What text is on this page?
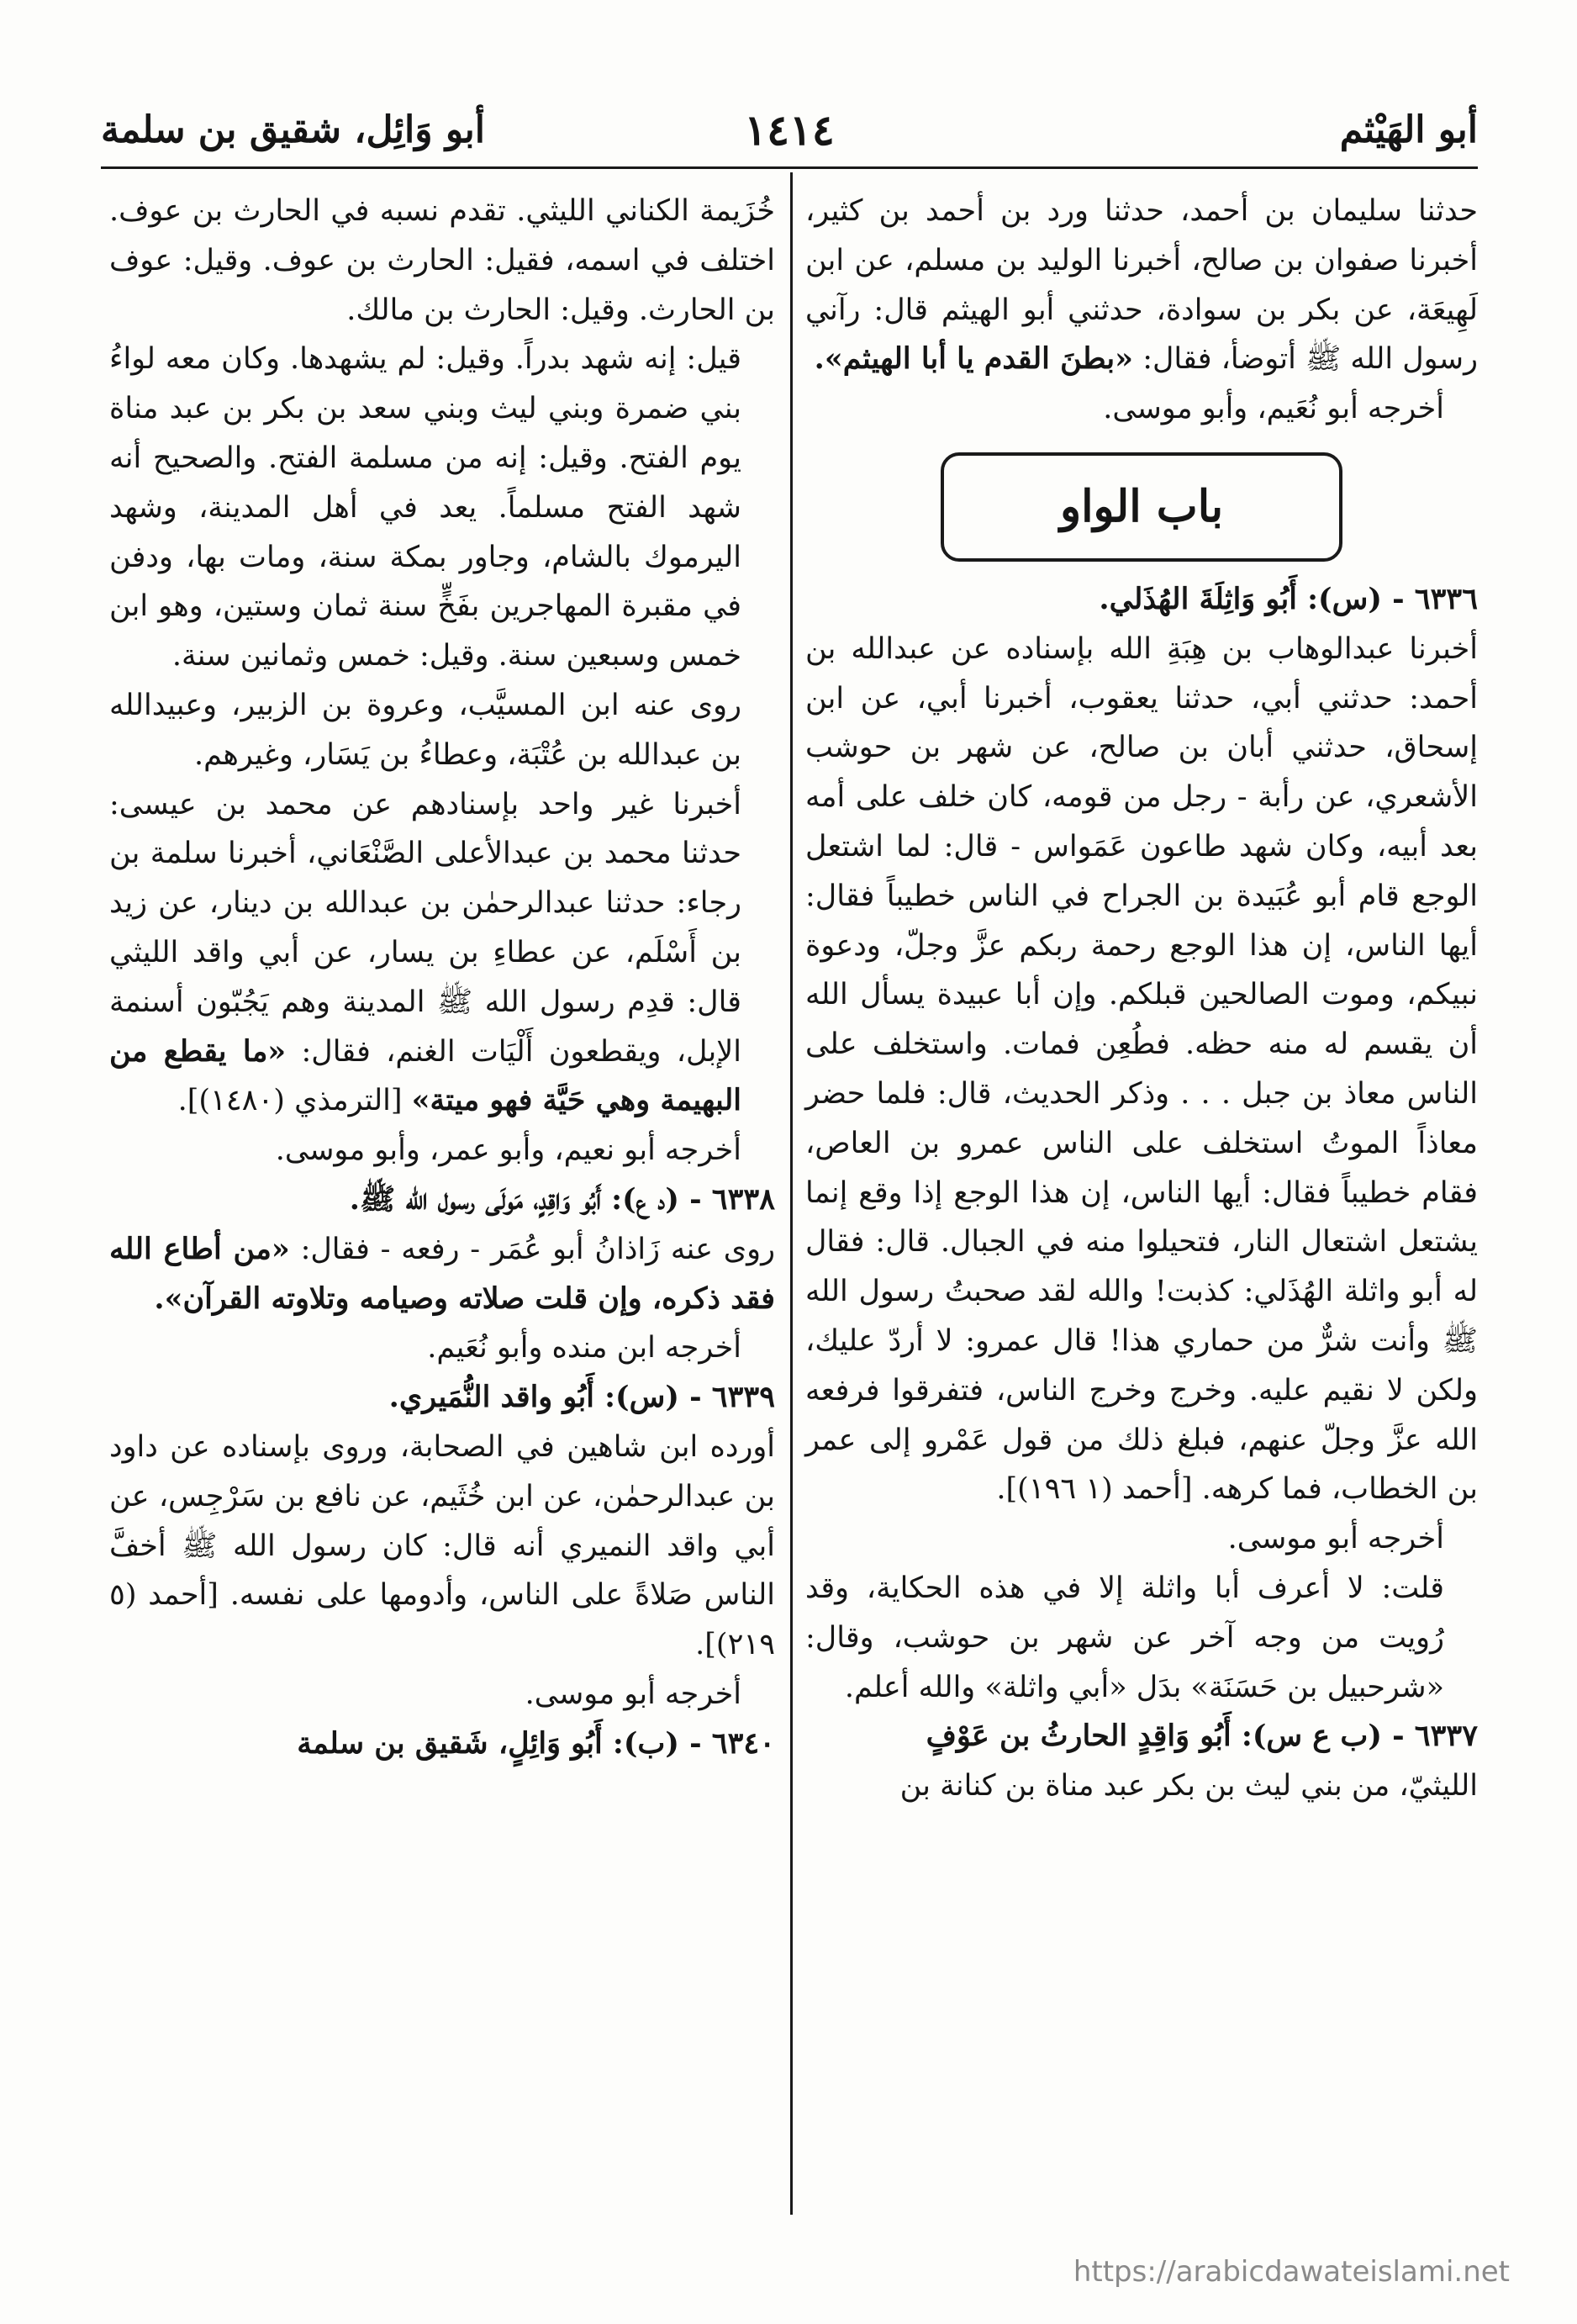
أبو الهَيْثم
١٤١٤
أبو وَائِل، شقيق بن سلمة

حدثنا سليمان بن أحمد، حدثنا ورد بن أحمد بن كثير، أخبرنا صفوان بن صالح، أخبرنا الوليد بن مسلم، عن ابن لَهِيعَة، عن بكر بن سوادة، حدثني أبو الهيثم قال: رآني رسول الله ﷺ أتوضأ، فقال: «بطنَ القدم يا أبا الهيثم».

أخرجه أبو نُعَيم، وأبو موسى.

باب الواو

٦٣٣٦ - (س): أَبُو وَاثِلَةَ الهُذَلي.

أخبرنا عبدالوهاب بن هِبَةِ الله بإسناده عن عبدالله بن أحمد: حدثني أبي، حدثنا يعقوب، أخبرنا أبي، عن ابن إسحاق، حدثني أبان بن صالح، عن شهر بن حوشب الأشعري، عن رأبة - رجل من قومه، كان خلف على أمه بعد أبيه، وكان شهد طاعون عَمَواس - قال: لما اشتعل الوجع قام أبو عُبَيدة بن الجراح في الناس خطيباً فقال: أيها الناس، إن هذا الوجع رحمة ربكم عزَّ وجلّ، ودعوة نبيكم، وموت الصالحين قبلكم. وإن أبا عبيدة يسأل الله أن يقسم له منه حظه. فطُعِن فمات. واستخلف على الناس معاذ بن جبل . . . وذكر الحديث، قال: فلما حضر معاذاً الموتُ استخلف على الناس عمرو بن العاص، فقام خطيباً فقال: أيها الناس، إن هذا الوجع إذا وقع إنما يشتعل اشتعال النار، فتحيلوا منه في الجبال. قال: فقال له أبو واثلة الهُذَلي: كذبت! والله لقد صحبتُ رسول الله ﷺ وأنت شرٌّ من حماري هذا! قال عمرو: لا أردّ عليك، ولكن لا نقيم عليه. وخرج وخرج الناس، فتفرقوا فرفعه الله عزَّ وجلّ عنهم، فبلغ ذلك من قول عَمْرو إلى عمر بن الخطاب، فما كرهه. [أحمد (١ ١٩٦)].

أخرجه أبو موسى.

قلت: لا أعرف أبا واثلة إلا في هذه الحكاية، وقد رُويت من وجه آخر عن شهر بن حوشب، وقال: «شرحبيل بن حَسَنَة» بدَل «أبي واثلة» والله أعلم.

٦٣٣٧ - (ب ع س): أَبُو وَاقِدٍ الحارثُ بن عَوْفٍ

الليثيّ، من بني ليث بن بكر عبد مناة بن كنانة بن

خُزَيمة الكناني الليثي. تقدم نسبه في الحارث بن عوف. اختلف في اسمه، فقيل: الحارث بن عوف. وقيل: عوف بن الحارث. وقيل: الحارث بن مالك.

قيل: إنه شهد بدراً. وقيل: لم يشهدها. وكان معه لواءُ بني ضمرة وبني ليث وبني سعد بن بكر بن عبد مناة يوم الفتح. وقيل: إنه من مسلمة الفتح. والصحيح أنه شهد الفتح مسلماً. يعد في أهل المدينة، وشهد اليرموك بالشام، وجاور بمكة سنة، ومات بها، ودفن في مقبرة المهاجرين بفَخٍّ سنة ثمان وستين، وهو ابن خمس وسبعين سنة. وقيل: خمس وثمانين سنة.

روى عنه ابن المسيَّب، وعروة بن الزبير، وعبيدالله بن عبدالله بن عُتْبَة، وعطاءُ بن يَسَار، وغيرهم.

أخبرنا غير واحد بإسنادهم عن محمد بن عيسى: حدثنا محمد بن عبدالأعلى الصَّنْعَاني، أخبرنا سلمة بن رجاء: حدثنا عبدالرحمٰن بن عبدالله بن دينار، عن زيد بن أَسْلَم، عن عطاءِ بن يسار، عن أبي واقد الليثي قال: قدِم رسول الله ﷺ المدينة وهم يَجُبّون أسنمة الإبل، ويقطعون أَلْيَات الغنم، فقال: «ما يقطع من البهيمة وهي حَيَّة فهو ميتة» [الترمذي (١٤٨٠)].

أخرجه أبو نعيم، وأبو عمر، وأبو موسى.

٦٣٣٨ - (د ع): أَبُو وَاقِدٍ، مَولَى رسول الله ﷺ.

روى عنه زَاذانُ أبو عُمَر - رفعه - فقال: «من أطاع الله فقد ذكره، وإن قلت صلاته وصيامه وتلاوته القرآن».

أخرجه ابن منده وأبو نُعَيم.

٦٣٣٩ - (س): أَبُو واقد النُّمَيري.

أورده ابن شاهين في الصحابة، وروى بإسناده عن داود بن عبدالرحمٰن، عن ابن خُثَيم، عن نافع بن سَرْجِس، عن أبي واقد النميري أنه قال: كان رسول الله ﷺ أخفَّ الناس صَلاةً على الناس، وأدومها على نفسه. [أحمد (٥ ٢١٩)].

أخرجه أبو موسى.

٦٣٤٠ - (ب): أَبُو وَائِلٍ، شَقيق بن سلمة

https://arabicdawateislami.net
